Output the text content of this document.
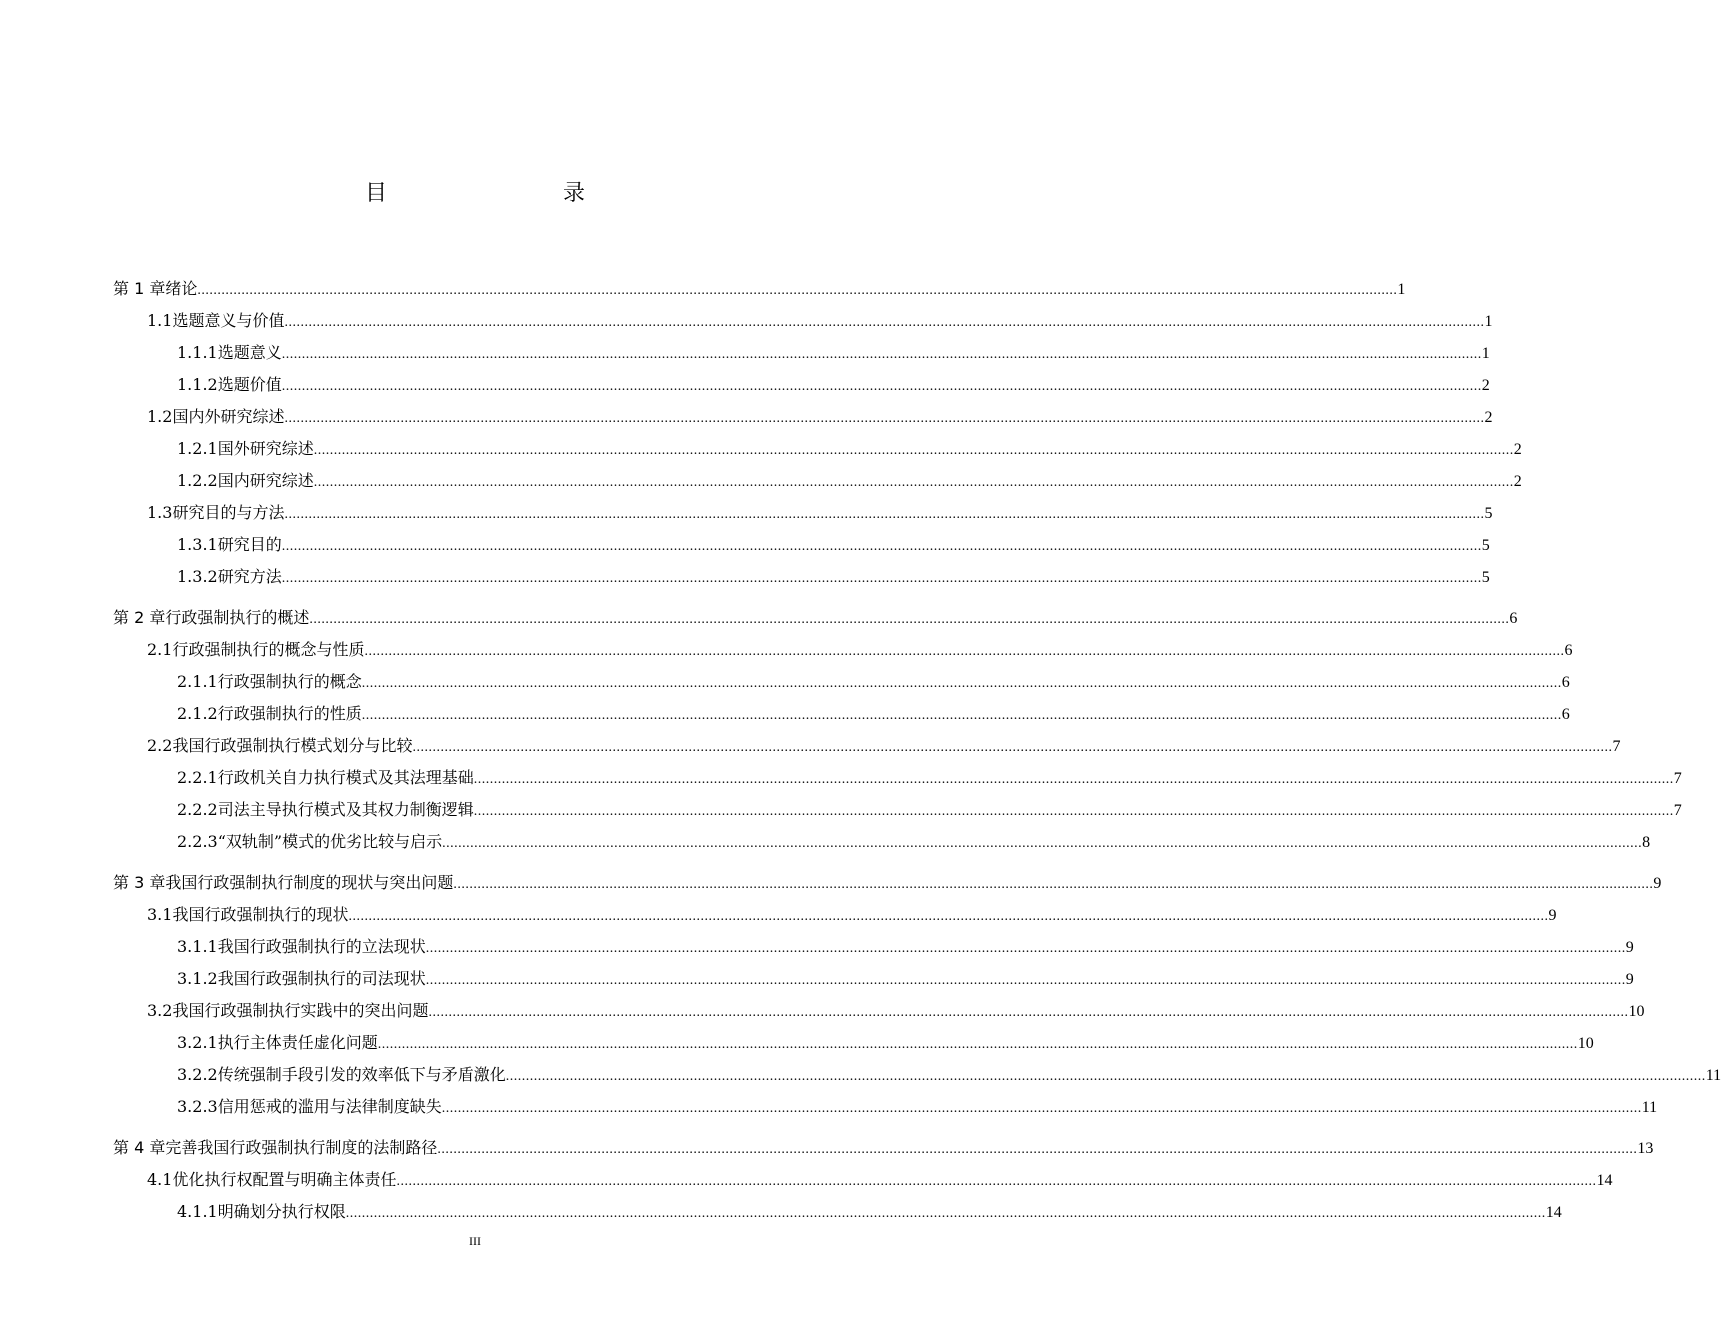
目　　录
第 1 章 绪论 ............................................................................................................................................................................................................................................................................................................ 1
1.1 选题意义与价值 ............................................................................................................................................................................................................................................................................................................ 1
1.1.1 选题意义 ............................................................................................................................................................................................................................................................................................................ 1
1.1.2 选题价值 ............................................................................................................................................................................................................................................................................................................ 2
1.2 国内外研究综述 ............................................................................................................................................................................................................................................................................................................ 2
1.2.1 国外研究综述 ............................................................................................................................................................................................................................................................................................................ 2
1.2.2 国内研究综述 ............................................................................................................................................................................................................................................................................................................ 2
1.3 研究目的与方法 ............................................................................................................................................................................................................................................................................................................ 5
1.3.1 研究目的 ............................................................................................................................................................................................................................................................................................................ 5
1.3.2 研究方法 ............................................................................................................................................................................................................................................................................................................ 5
第 2 章 行政强制执行的概述 ............................................................................................................................................................................................................................................................................................................ 6
2.1 行政强制执行的概念与性质 ............................................................................................................................................................................................................................................................................................................ 6
2.1.1 行政强制执行的概念 ............................................................................................................................................................................................................................................................................................................ 6
2.1.2 行政强制执行的性质 ............................................................................................................................................................................................................................................................................................................ 6
2.2 我国行政强制执行模式划分与比较 ............................................................................................................................................................................................................................................................................................................ 7
2.2.1 行政机关自力执行模式及其法理基础 ............................................................................................................................................................................................................................................................................................................ 7
2.2.2 司法主导执行模式及其权力制衡逻辑 ............................................................................................................................................................................................................................................................................................................ 7
2.2.3 “双轨制”模式的优劣比较与启示 ............................................................................................................................................................................................................................................................................................................ 8
第 3 章 我国行政强制执行制度的现状与突出问题 ............................................................................................................................................................................................................................................................................................................ 9
3.1 我国行政强制执行的现状 ............................................................................................................................................................................................................................................................................................................ 9
3.1.1 我国行政强制执行的立法现状 ............................................................................................................................................................................................................................................................................................................ 9
3.1.2 我国行政强制执行的司法现状 ............................................................................................................................................................................................................................................................................................................ 9
3.2 我国行政强制执行实践中的突出问题 ............................................................................................................................................................................................................................................................................................................ 10
3.2.1 执行主体责任虚化问题 ............................................................................................................................................................................................................................................................................................................ 10
3.2.2 传统强制手段引发的效率低下与矛盾激化 ............................................................................................................................................................................................................................................................................................................ 11
3.2.3 信用惩戒的滥用与法律制度缺失 ............................................................................................................................................................................................................................................................................................................ 11
第 4 章 完善我国行政强制执行制度的法制路径 ............................................................................................................................................................................................................................................................................................................ 13
4.1 优化执行权配置与明确主体责任 ............................................................................................................................................................................................................................................................................................................ 14
4.1.1 明确划分执行权限 ............................................................................................................................................................................................................................................................................................................ 14
III
